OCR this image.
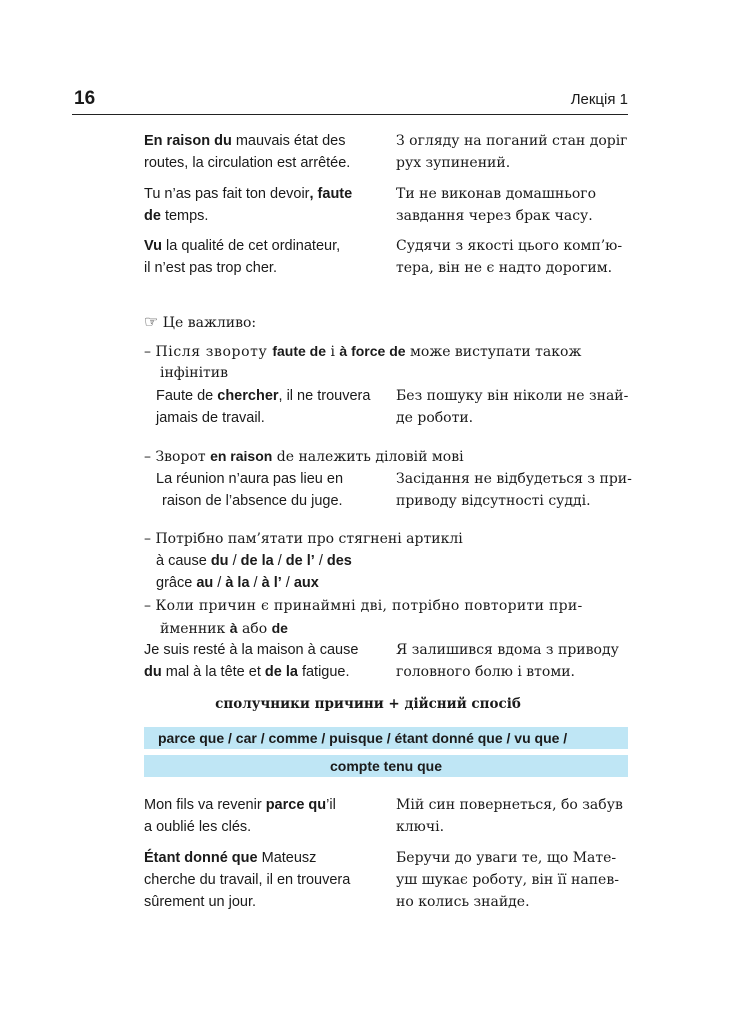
16	Лекція 1
En raison du mauvais état des
routes, la circulation est arrêtée.
З огляду на поганий стан доріг
рух зупинений.
Tu n’as pas fait ton devoir, faute
de temps.
Ти не виконав домашнього
завдання через брак часу.
Vu la qualité de cet ordinateur,
il n’est pas trop cher.
Судячи з якості цього комп’ю-
тера, він не є надто дорогим.
☞ Це важливо:
– Після звороту faute de і à force de може виступати також
інфінітив
Faute de chercher, il ne trouvera
jamais de travail.
Без пошуку він ніколи не знай-
де роботи.
– Зворот en raison de належить діловій мові
La réunion n’aura pas lieu en
raison de l’absence du juge.
Засідання не відбудеться з при-
приводу відсутності судді.
– Потрібно пам’ятати про стягнені артиклі
à cause du / de la / de l’ / des
grâce au / à la / à l’ / aux
– Коли причин є принаймні дві, потрібно повторити при-
йменник à або de
Je suis resté à la maison à cause
du mal à la tête et de la fatigue.
Я залишився вдома з приводу
головного болю і втоми.
сполучники причини + дійсний спосіб
parce que / car / comme / puisque / étant donné que / vu que /
compte tenu que
Mon fils va revenir parce qu’il
a oublié les clés.
Мій син повернеться, бо забув
ключі.
Étant donné que Mateusz
cherche du travail, il en trouvera
sûrement un jour.
Беручи до уваги те, що Мате-
уш шукає роботу, він її напев-
но колись знайде.
